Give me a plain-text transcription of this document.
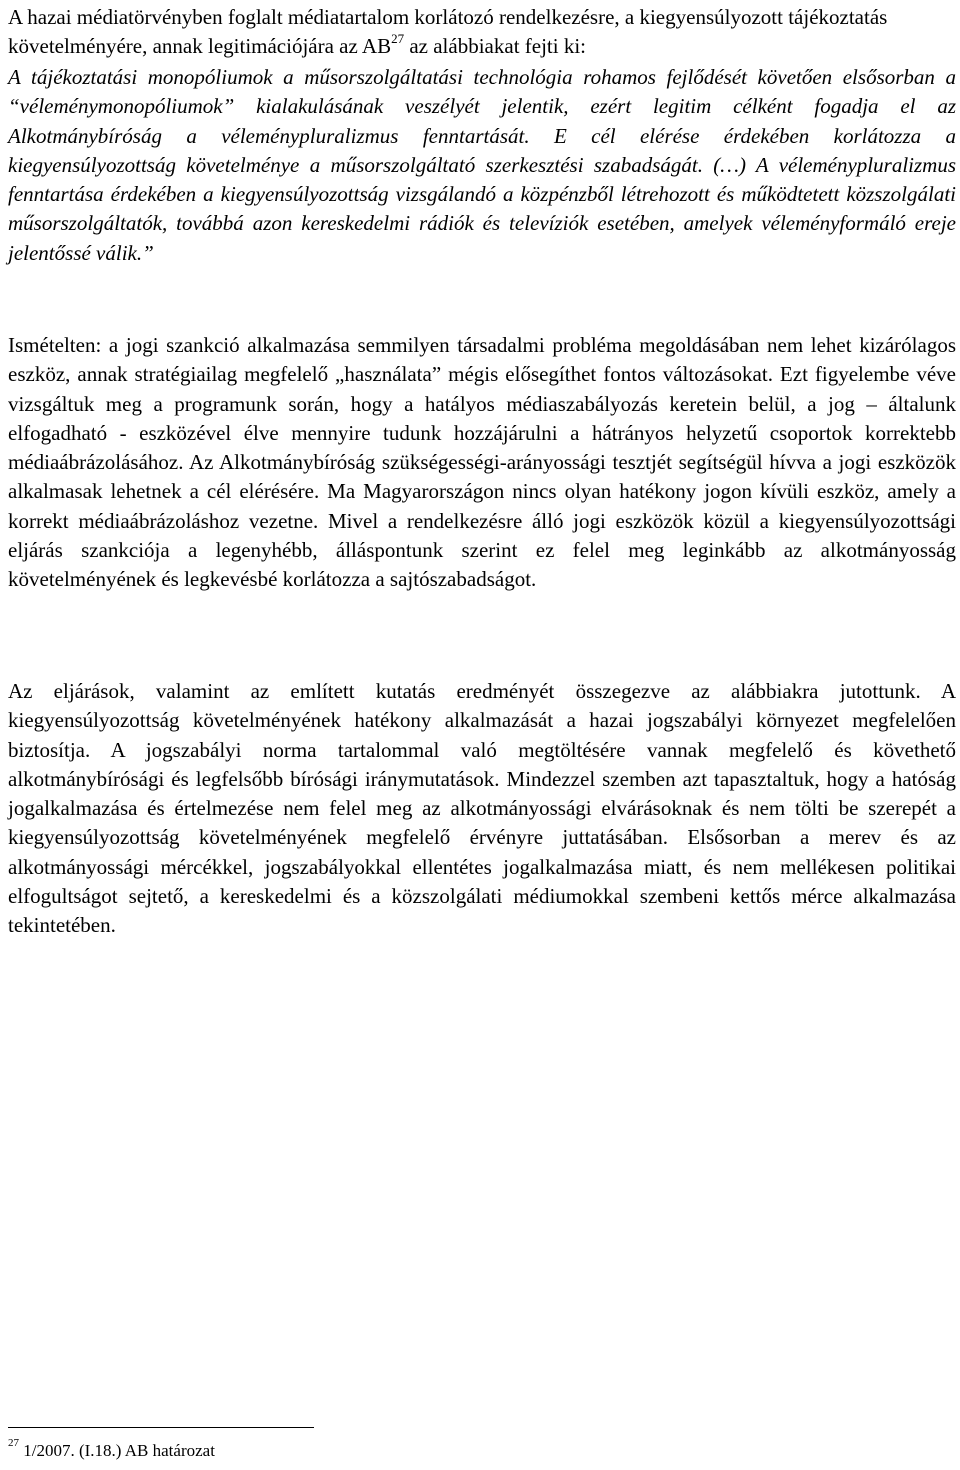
A hazai médiatörvényben foglalt médiatartalom korlátozó rendelkezésre, a kiegyensúlyozott tájékoztatás követelményére, annak legitimációjára az AB$^{27}$ az alábbiakat fejti ki:

A tájékoztatási monopóliumok a műsorszolgáltatási technológia rohamos fejlődését követően elsősorban a “véleménymonopóliumok” kialakulásának veszélyét jelentik, ezért legitim célként fogadja el az Alkotmánybíróság a véleménypluralizmus fenntartását. E cél elérése érdekében korlátozza a kiegyensúlyozottság követelménye a műsorszolgáltató szerkesztési szabadságát. (…) A véleménypluralizmus fenntartása érdekében a kiegyensúlyozottság vizsgálandó a közpénzből létrehozott és működtetett közszolgálati műsorszolgáltatók, továbbá azon kereskedelmi rádiók és televíziók esetében, amelyek véleményformáló ereje jelentőssé válik.”

Ismételten: a jogi szankció alkalmazása semmilyen társadalmi probléma megoldásában nem lehet kizárólagos eszköz, annak stratégiailag megfelelő „használata” mégis elősegíthet fontos változásokat. Ezt figyelembe véve vizsgáltuk meg a programunk során, hogy a hatályos médiaszabályozás keretein belül, a jog – általunk elfogadható - eszközével élve mennyire tudunk hozzájárulni a hátrányos helyzetű csoportok korrektebb médiaábrázolásához. Az Alkotmánybíróság szükségességi-arányossági tesztjét segítségül hívva a jogi eszközök alkalmasak lehetnek a cél elérésére. Ma Magyarországon nincs olyan hatékony jogon kívüli eszköz, amely a korrekt médiaábrázoláshoz vezetne. Mivel a rendelkezésre álló jogi eszközök közül a kiegyensúlyozottsági eljárás szankciója a legenyhébb, álláspontunk szerint ez felel meg leginkább az alkotmányosság követelményének és legkevésbé korlátozza a sajtószabadságot.

Az eljárások, valamint az említett kutatás eredményét összegezve az alábbiakra jutottunk. A kiegyensúlyozottság követelményének hatékony alkalmazását a hazai jogszabályi környezet megfelelően biztosítja. A jogszabályi norma tartalommal való megtöltésére vannak megfelelő és követhető alkotmánybírósági és legfelsőbb bírósági iránymutatások. Mindezzel szemben azt tapasztaltuk, hogy a hatóság jogalkalmazása és értelmezése nem felel meg az alkotmányossági elvárásoknak és nem tölti be szerepét a kiegyensúlyozottság követelményének megfelelő érvényre juttatásában. Elsősorban a merev és az alkotmányossági mércékkel, jogszabályokkal ellentétes jogalkalmazása miatt, és nem mellékesen politikai elfogultságot sejtető, a kereskedelmi és a közszolgálati médiumokkal szembeni kettős mérce alkalmazása tekintetében.

$^{27}$ 1/2007. (I.18.) AB határozat
